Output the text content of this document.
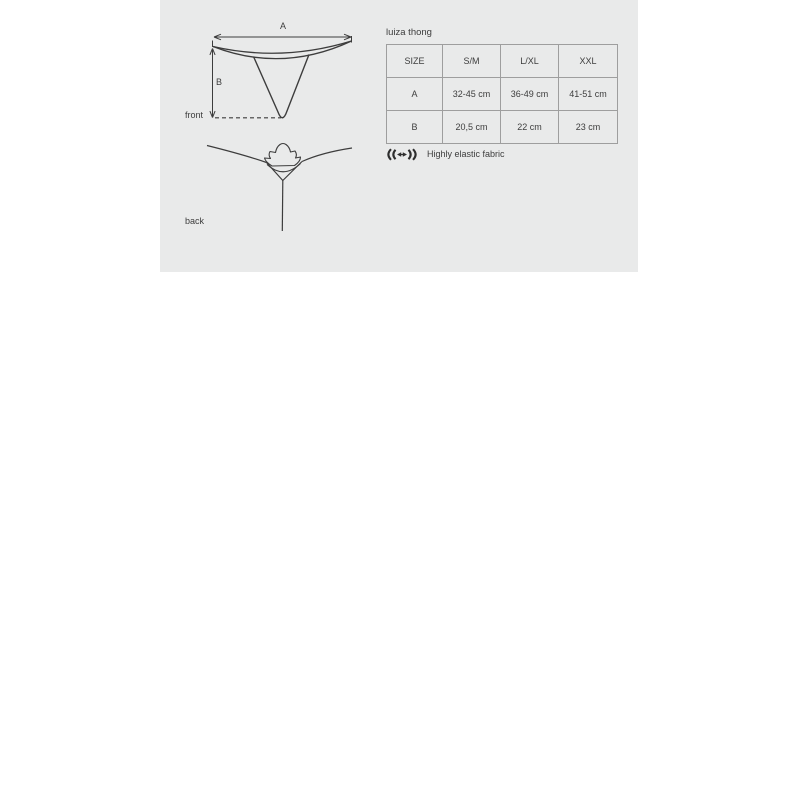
A
B
front
back
luiza thong
SIZE	S/M	L/XL	XXL
A	32-45 cm	36-49 cm	41-51 cm
B	20,5 cm	22 cm	23 cm
Highly elastic fabric
